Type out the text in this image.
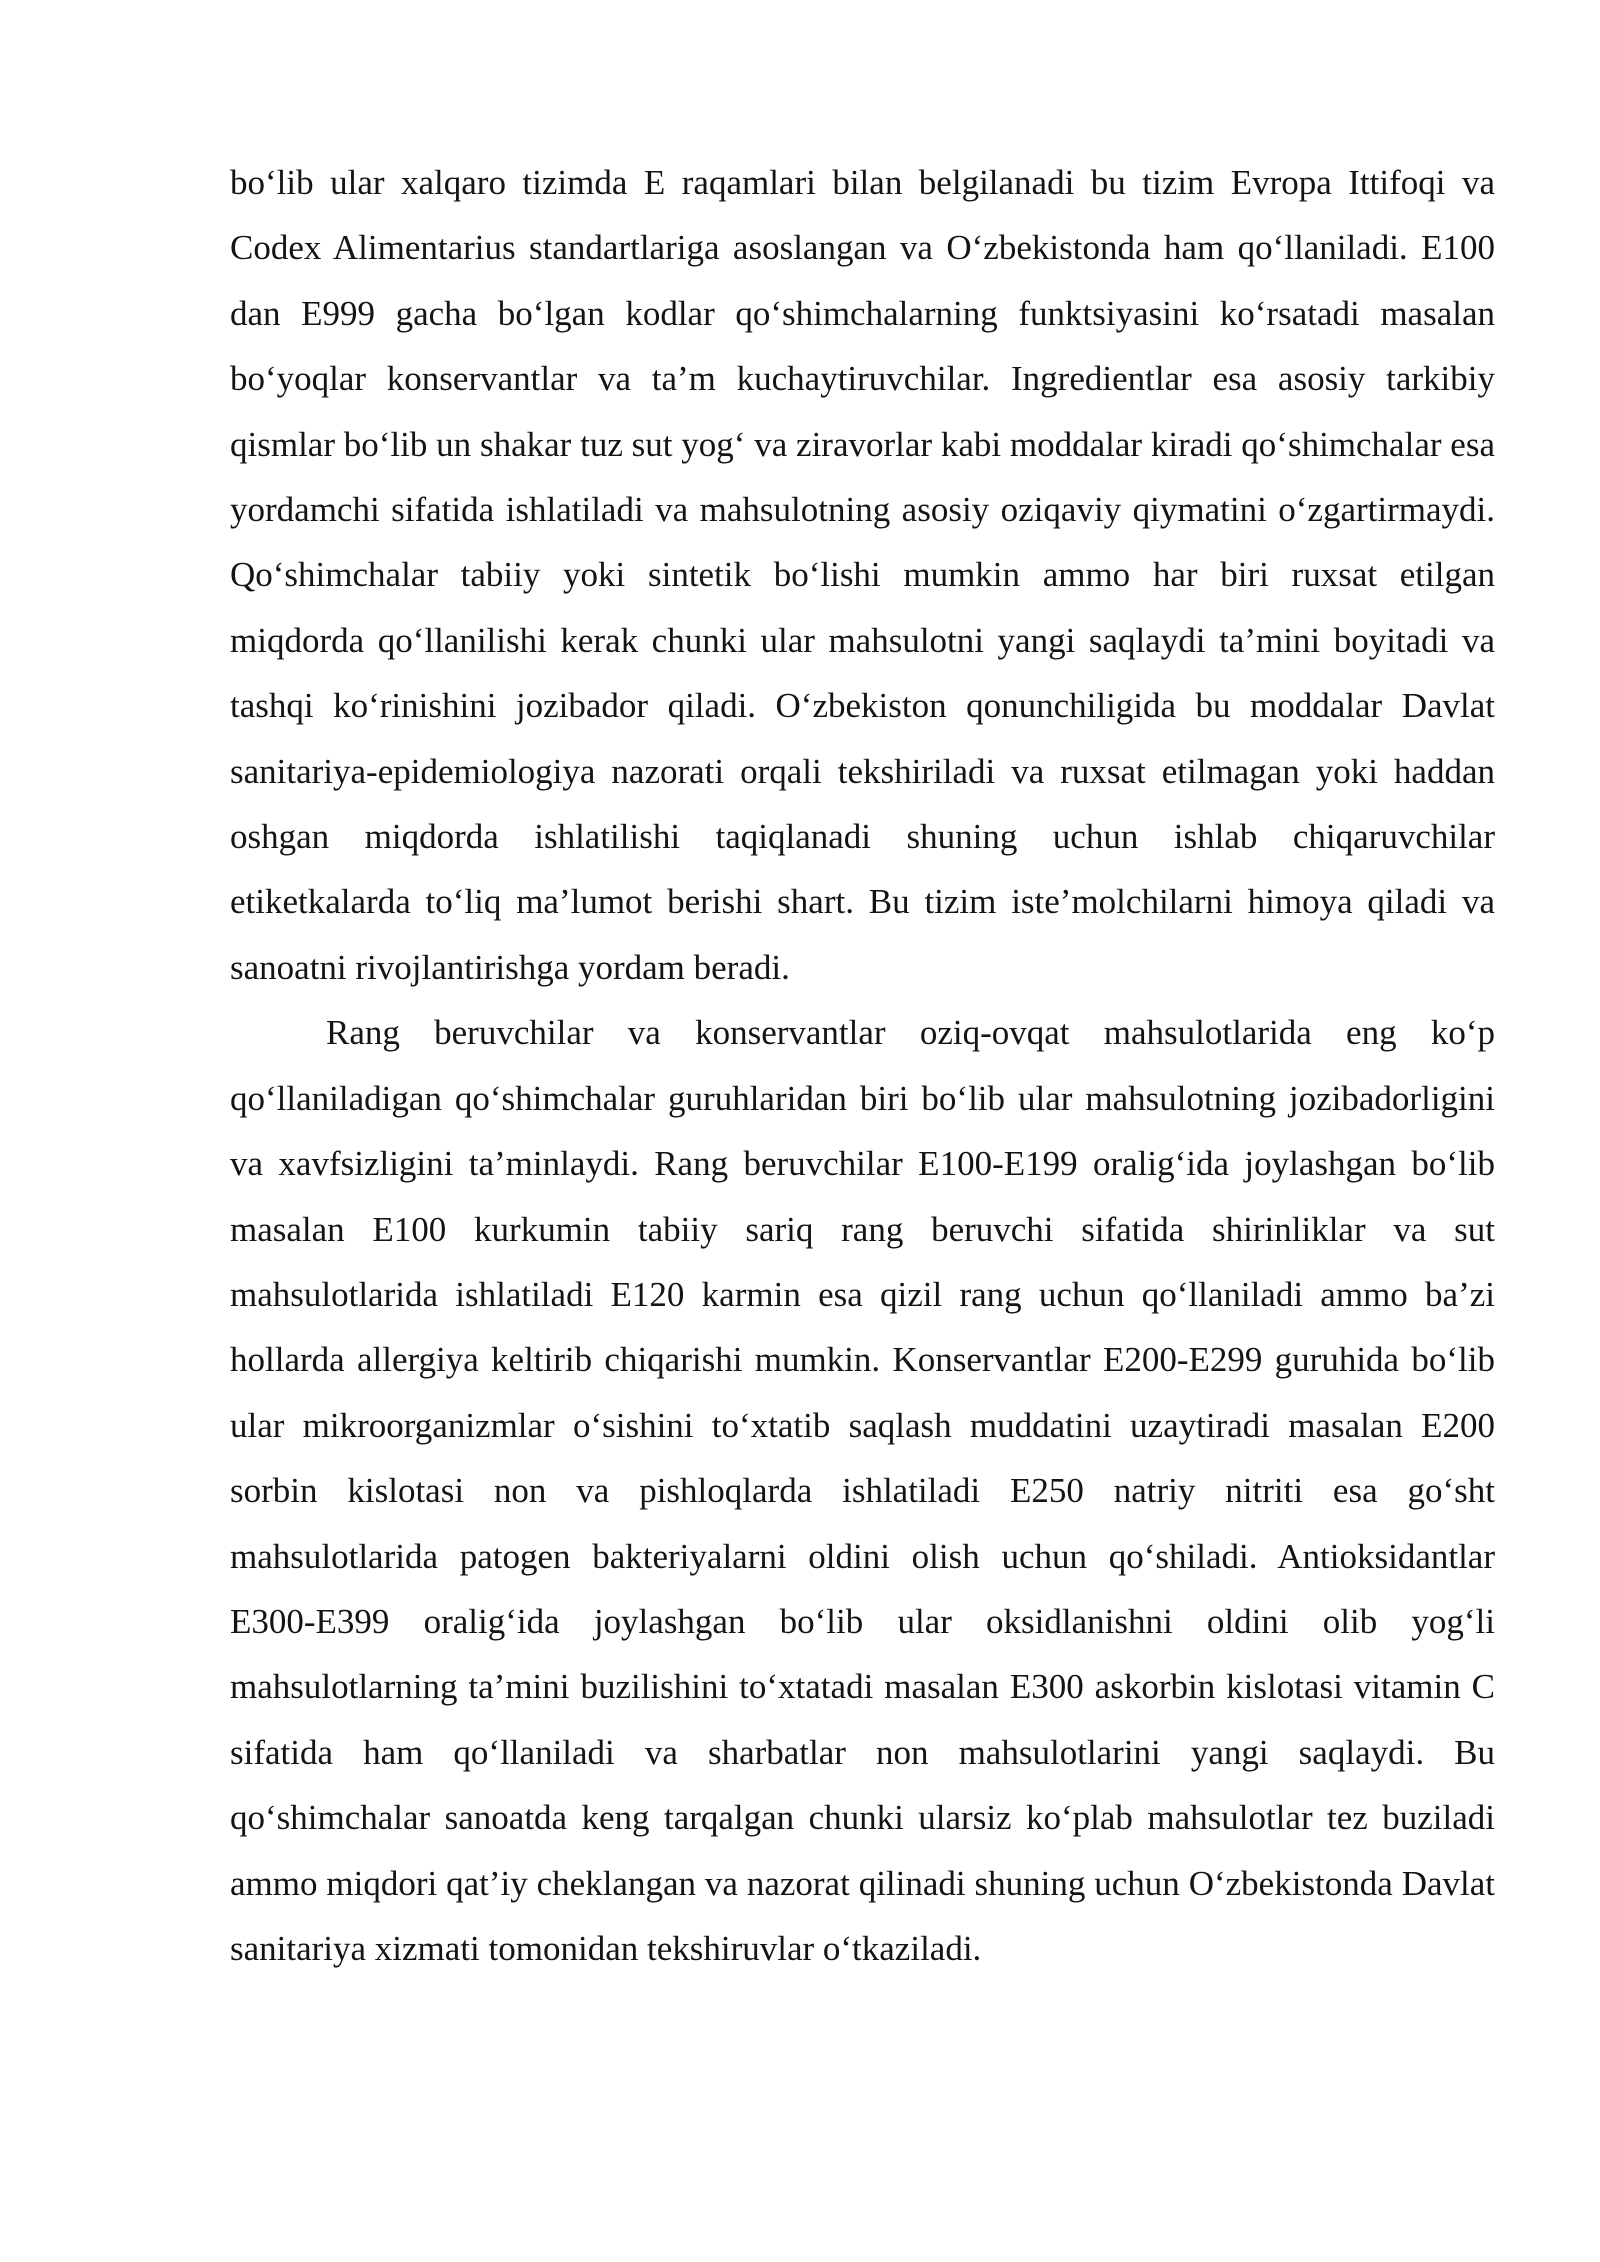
bo‘lib ular xalqaro tizimda E raqamlari bilan belgilanadi bu tizim Evropa Ittifoqi va Codex Alimentarius standartlariga asoslangan va O‘zbekistonda ham qo‘llaniladi. E100 dan E999 gacha bo‘lgan kodlar qo‘shimchalarning funktsiyasini ko‘rsatadi masalan bo‘yoqlar konservantlar va ta’m kuchaytiruvchilar. Ingredientlar esa asosiy tarkibiy qismlar bo‘lib un shakar tuz sut yog‘ va ziravorlar kabi moddalar kiradi qo‘shimchalar esa yordamchi sifatida ishlatiladi va mahsulotning asosiy oziqaviy qiymatini o‘zgartirmaydi. Qo‘shimchalar tabiiy yoki sintetik bo‘lishi mumkin ammo har biri ruxsat etilgan miqdorda qo‘llanilishi kerak chunki ular mahsulotni yangi saqlaydi ta’mini boyitadi va tashqi ko‘rinishini jozibador qiladi. O‘zbekiston qonunchiligida bu moddalar Davlat sanitariya-epidemiologiya nazorati orqali tekshiriladi va ruxsat etilmagan yoki haddan oshgan miqdorda ishlatilishi taqiqlanadi shuning uchun ishlab chiqaruvchilar etiketkalarda to‘liq ma’lumot berishi shart. Bu tizim iste’molchilarni himoya qiladi va sanoatni rivojlantirishga yordam beradi.

Rang beruvchilar va konservantlar oziq-ovqat mahsulotlarida eng ko‘p qo‘llaniladigan qo‘shimchalar guruhlaridan biri bo‘lib ular mahsulotning jozibadorligini va xavfsizligini ta’minlaydi. Rang beruvchilar E100-E199 oralig‘ida joylashgan bo‘lib masalan E100 kurkumin tabiiy sariq rang beruvchi sifatida shirinliklar va sut mahsulotlarida ishlatiladi E120 karmin esa qizil rang uchun qo‘llaniladi ammo ba’zi hollarda allergiya keltirib chiqarishi mumkin. Konservantlar E200-E299 guruhida bo‘lib ular mikroorganizmlar o‘sishini to‘xtatib saqlash muddatini uzaytiradi masalan E200 sorbin kislotasi non va pishloqlarda ishlatiladi E250 natriy nitriti esa go‘sht mahsulotlarida patogen bakteriyalarni oldini olish uchun qo‘shiladi. Antioksidantlar E300-E399 oralig‘ida joylashgan bo‘lib ular oksidlanishni oldini olib yog‘li mahsulotlarning ta’mini buzilishini to‘xtatadi masalan E300 askorbin kislotasi vitamin C sifatida ham qo‘llaniladi va sharbatlar non mahsulotlarini yangi saqlaydi. Bu qo‘shimchalar sanoatda keng tarqalgan chunki ularsiz ko‘plab mahsulotlar tez buziladi ammo miqdori qat’iy cheklangan va nazorat qilinadi shuning uchun O‘zbekistonda Davlat sanitariya xizmati tomonidan tekshiruvlar o‘tkaziladi.
